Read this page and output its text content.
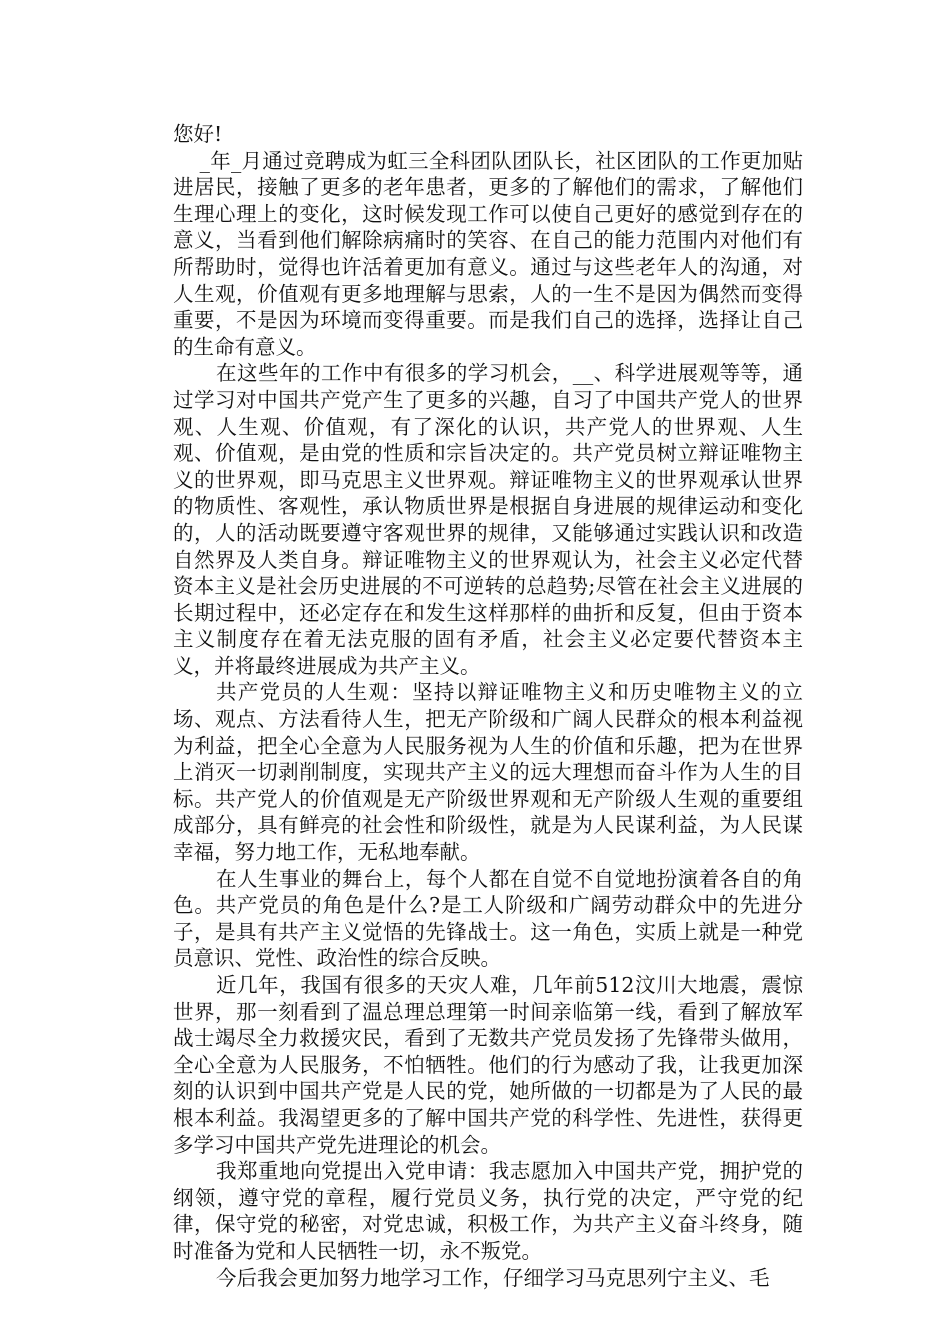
您好!

_年_月通过竞聘成为虹三全科团队团队长，社区团队的工作更加贴进居民，接触了更多的老年患者，更多的了解他们的需求，了解他们生理心理上的变化，这时候发现工作可以使自己更好的感觉到存在的意义，当看到他们解除病痛时的笑容、在自己的能力范围内对他们有所帮助时，觉得也许活着更加有意义。通过与这些老年人的沟通，对人生观，价值观有更多地理解与思索，人的一生不是因为偶然而变得重要，不是因为环境而变得重要。而是我们自己的选择，选择让自己的生命有意义。

在这些年的工作中有很多的学习机会，__、科学进展观等等，通过学习对中国共产党产生了更多的兴趣，自习了中国共产党人的世界观、人生观、价值观，有了深化的认识，共产党人的世界观、人生观、价值观，是由党的性质和宗旨决定的。共产党员树立辩证唯物主义的世界观，即马克思主义世界观。辩证唯物主义的世界观承认世界的物质性、客观性，承认物质世界是根据自身进展的规律运动和变化的，人的活动既要遵守客观世界的规律，又能够通过实践认识和改造自然界及人类自身。辩证唯物主义的世界观认为，社会主义必定代替资本主义是社会历史进展的不可逆转的总趋势;尽管在社会主义进展的长期过程中，还必定存在和发生这样那样的曲折和反复，但由于资本主义制度存在着无法克服的固有矛盾，社会主义必定要代替资本主义，并将最终进展成为共产主义。

共产党员的人生观：坚持以辩证唯物主义和历史唯物主义的立场、观点、方法看待人生，把无产阶级和广阔人民群众的根本利益视为利益，把全心全意为人民服务视为人生的价值和乐趣，把为在世界上消灭一切剥削制度，实现共产主义的远大理想而奋斗作为人生的目标。共产党人的价值观是无产阶级世界观和无产阶级人生观的重要组成部分，具有鲜亮的社会性和阶级性，就是为人民谋利益，为人民谋幸福，努力地工作，无私地奉献。

在人生事业的舞台上，每个人都在自觉不自觉地扮演着各自的角色。共产党员的角色是什么?是工人阶级和广阔劳动群众中的先进分子，是具有共产主义觉悟的先锋战士。这一角色，实质上就是一种党员意识、党性、政治性的综合反映。

近几年，我国有很多的天灾人难，几年前512汶川大地震，震惊世界，那一刻看到了温总理总理第一时间亲临第一线，看到了解放军战士竭尽全力救援灾民，看到了无数共产党员发扬了先锋带头做用，全心全意为人民服务，不怕牺牲。他们的行为感动了我，让我更加深刻的认识到中国共产党是人民的党，她所做的一切都是为了人民的最根本利益。我渴望更多的了解中国共产党的科学性、先进性，获得更多学习中国共产党先进理论的机会。

我郑重地向党提出入党申请：我志愿加入中国共产党，拥护党的纲领，遵守党的章程，履行党员义务，执行党的决定，严守党的纪律，保守党的秘密，对党忠诚，积极工作，为共产主义奋斗终身，随时准备为党和人民牺牲一切，永不叛党。

今后我会更加努力地学习工作，仔细学习马克思列宁主义、毛
